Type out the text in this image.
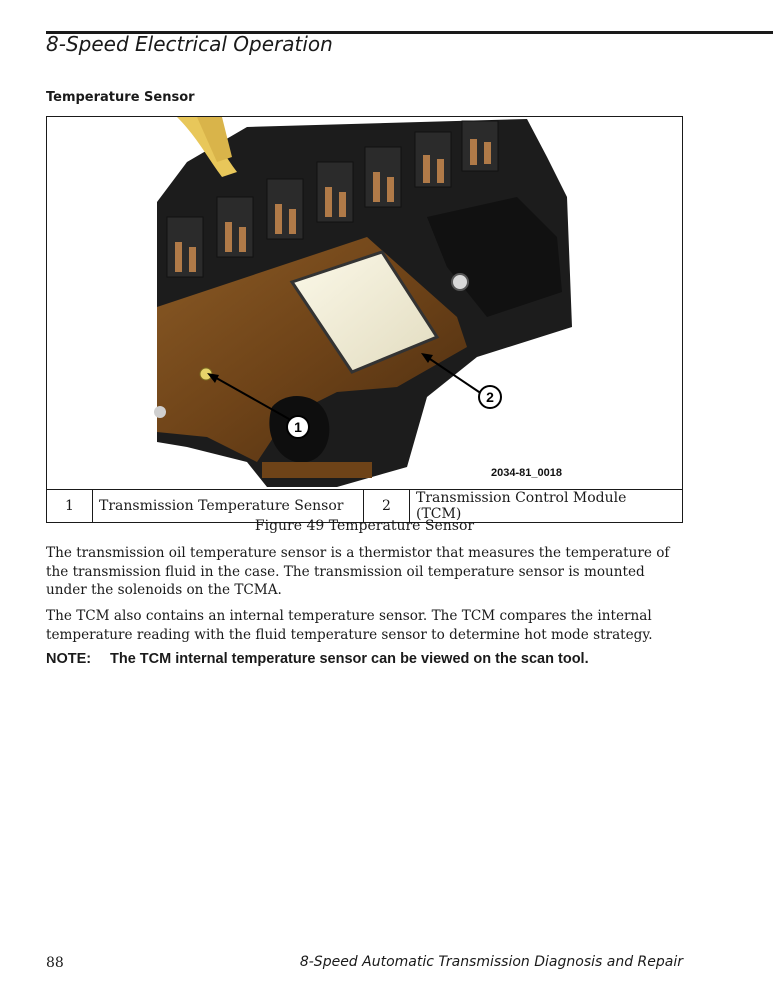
8-Speed Electrical Operation
Temperature Sensor
1
2
2034-81_0018
1	Transmission Temperature Sensor	2	Transmission Control Module (TCM)
Figure 49 Temperature Sensor

The transmission oil temperature sensor is a thermistor that measures the temperature of the transmission fluid in the case. The transmission oil temperature sensor is mounted under the solenoids on the TCMA.

The TCM also contains an internal temperature sensor. The TCM compares the internal temperature reading with the fluid temperature sensor to determine hot mode strategy.

NOTE: The TCM internal temperature sensor can be viewed on the scan tool.
88	8-Speed Automatic Transmission Diagnosis and Repair
